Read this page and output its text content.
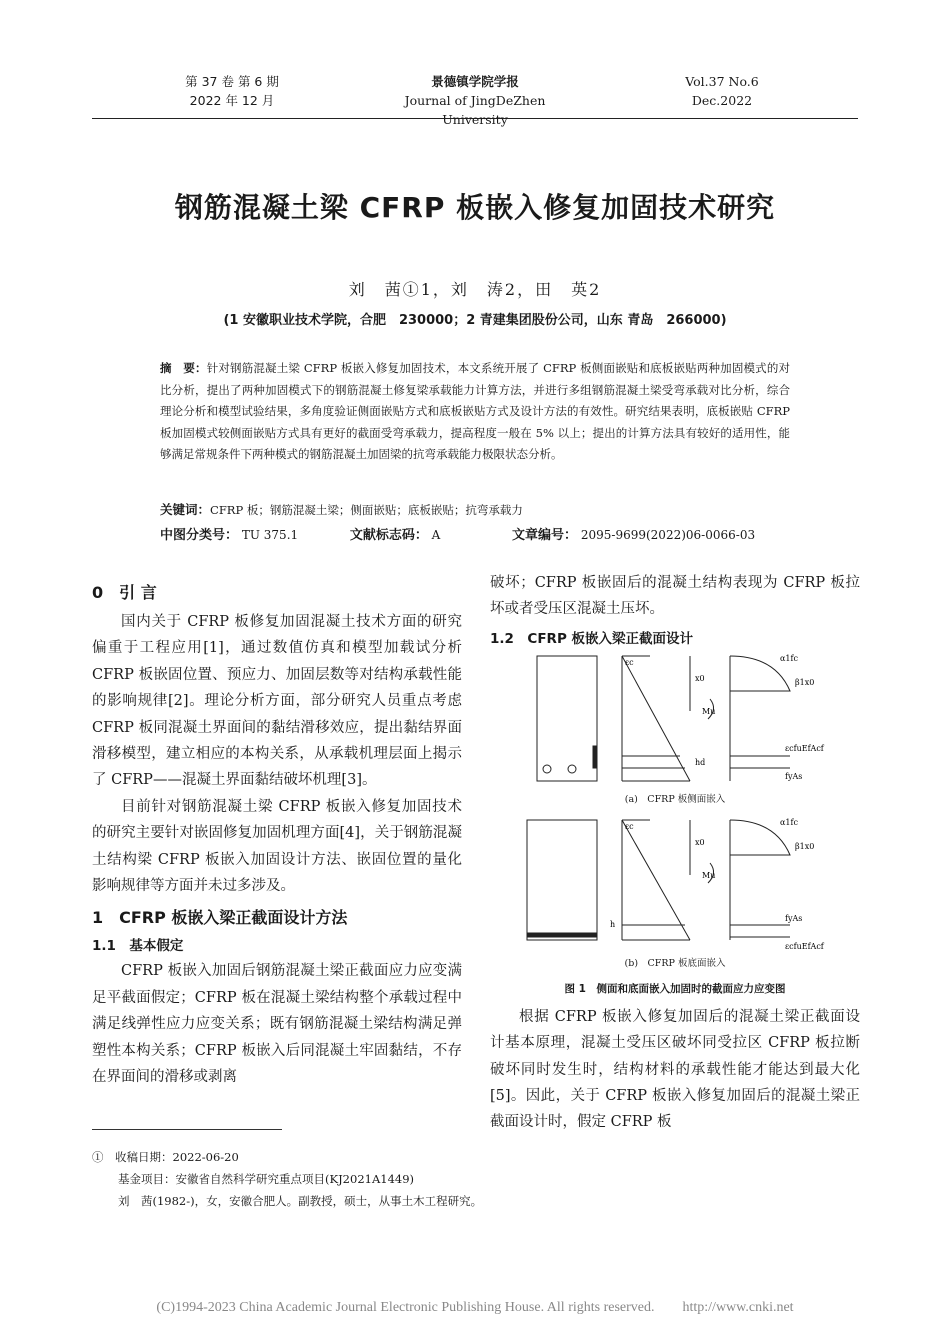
第 37 卷 第 6 期
2022 年 12 月
景德镇学院学报
Journal of JingDeZhen University
Vol.37 No.6
Dec.2022
钢筋混凝土梁 CFRP 板嵌入修复加固技术研究
刘　茜①1，刘　涛2，田　英2
(1 安徽职业技术学院，合肥　230000；2 青建集团股份公司，山东 青岛　266000)
摘　要：针对钢筋混凝土梁 CFRP 板嵌入修复加固技术，本文系统开展了 CFRP 板侧面嵌贴和底板嵌贴两种加固模式的对比分析，提出了两种加固模式下的钢筋混凝土修复梁承载能力计算方法，并进行多组钢筋混凝土梁受弯承载对比分析，综合理论分析和模型试验结果，多角度验证侧面嵌贴方式和底板嵌贴方式及设计方法的有效性。研究结果表明，底板嵌贴 CFRP 板加固模式较侧面嵌贴方式具有更好的截面受弯承载力，提高程度一般在 5% 以上；提出的计算方法具有较好的适用性，能够满足常规条件下两种模式的钢筋混凝土加固梁的抗弯承载能力极限状态分析。
关键词：CFRP 板；钢筋混凝土梁；侧面嵌贴；底板嵌贴；抗弯承载力
中图分类号： TU 375.1	文献标志码： A	文章编号： 2095-9699(2022)06-0066-03
0　引 言

国内关于 CFRP 板修复加固混凝土技术方面的研究偏重于工程应用[1]，通过数值仿真和模型加载试分析 CFRP 板嵌固位置、预应力、加固层数等对结构承载性能的影响规律[2]。理论分析方面，部分研究人员重点考虑 CFRP 板同混凝土界面间的黏结滑移效应，提出黏结界面滑移模型，建立相应的本构关系，从承载机理层面上揭示了 CFRP——混凝土界面黏结破坏机理[3]。

目前针对钢筋混凝土梁 CFRP 板嵌入修复加固技术的研究主要针对嵌固修复加固机理方面[4]，关于钢筋混凝土结构梁 CFRP 板嵌入加固设计方法、嵌固位置的量化影响规律等方面并未过多涉及。

1　CFRP 板嵌入梁正截面设计方法
1.1　基本假定

CFRP 板嵌入加固后钢筋混凝土梁正截面应力应变满足平截面假定；CFRP 板在混凝土梁结构整个承载过程中满足线弹性应力应变关系；既有钢筋混凝土梁结构满足弹塑性本构关系；CFRP 板嵌入后同混凝土牢固黏结，不存在界面间的滑移或剥离

破坏；CFRP 板嵌固后的混凝土结构表现为 CFRP 板拉坏或者受压区混凝土压坏。

1.2　CFRP 板嵌入梁正截面设计
εc
x0
α1fc
β1x0
Mu
εcfuEfAcf
fyAs
hd
(a)　CFRP 板侧面嵌入
εc
x0
α1fc
β1x0
Mu
fyAs
εcfuEfAcf
h
(b)　CFRP 板底面嵌入
图 1　侧面和底面嵌入加固时的截面应力应变图

根据 CFRP 板嵌入修复加固后的混凝土梁正截面设计基本原理，混凝土受压区破坏同受拉区 CFRP 板拉断破坏同时发生时，结构材料的承载性能才能达到最大化[5]。因此，关于 CFRP 板嵌入修复加固后的混凝土梁正截面设计时，假定 CFRP 板

①　收稿日期：2022-06-20
基金项目：安徽省自然科学研究重点项目(KJ2021A1449)
刘　茜(1982-)，女，安徽合肥人。副教授，硕士，从事土木工程研究。
(C)1994-2023 China Academic Journal Electronic Publishing House. All rights reserved.　　http://www.cnki.net
